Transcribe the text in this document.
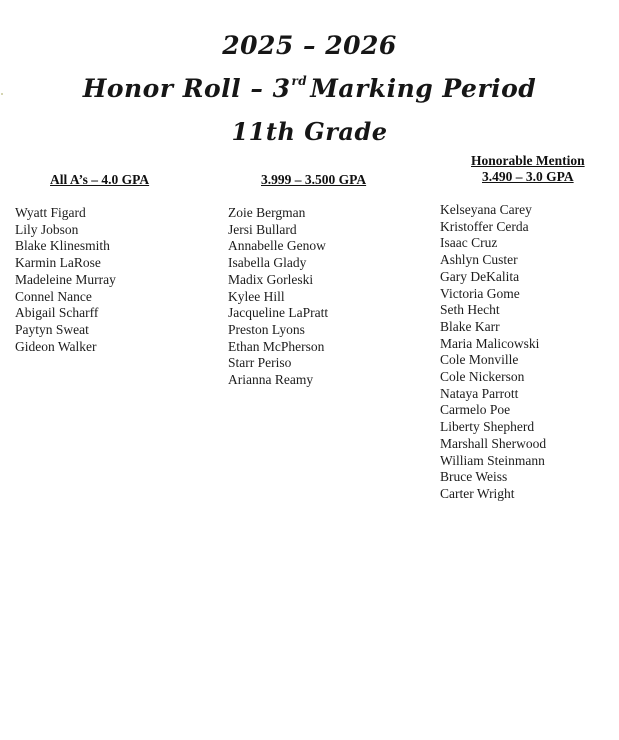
2025 – 2026
Honor Roll – 3rd Marking Period
11th Grade
All A’s – 4.0 GPA
Wyatt Figard
Lily Jobson
Blake Klinesmith
Karmin LaRose
Madeleine Murray
Connel Nance
Abigail Scharff
Paytyn Sweat
Gideon Walker
3.999 – 3.500 GPA
Zoie Bergman
Jersi Bullard
Annabelle Genow
Isabella Glady
Madix Gorleski
Kylee Hill
Jacqueline LaPratt
Preston Lyons
Ethan McPherson
Starr Periso
Arianna Reamy
Honorable Mention
3.490 – 3.0 GPA
Kelseyana Carey
Kristoffer Cerda
Isaac Cruz
Ashlyn Custer
Gary DeKalita
Victoria Gome
Seth Hecht
Blake Karr
Maria Malicowski
Cole Monville
Cole Nickerson
Nataya Parrott
Carmelo Poe
Liberty Shepherd
Marshall Sherwood
William Steinmann
Bruce Weiss
Carter Wright
